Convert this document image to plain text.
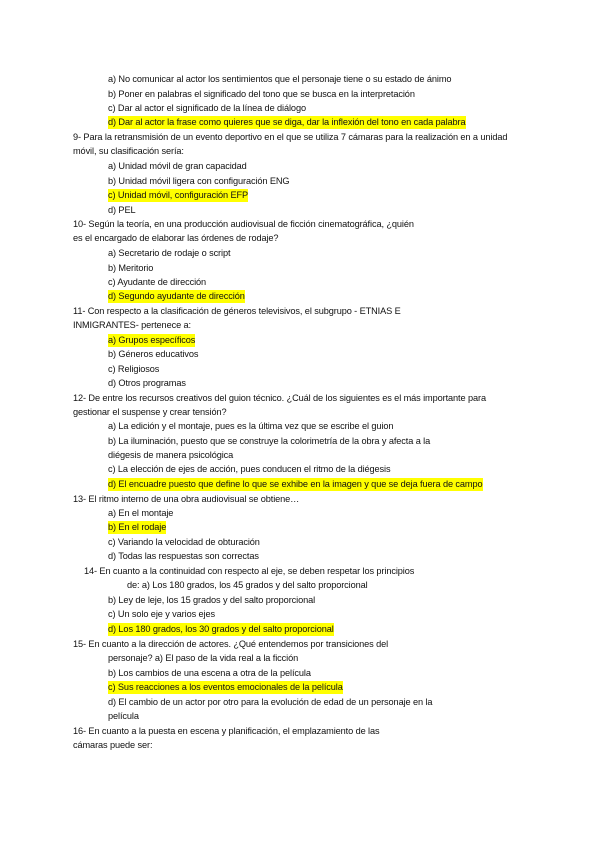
a) No comunicar al actor los sentimientos que el personaje tiene o su estado de ánimo
b) Poner en palabras el significado del tono que se busca en la interpretación
c) Dar al actor el significado de la línea de diálogo
d) Dar al actor la frase como quieres que se diga, dar la inflexión del tono en cada palabra
9- Para la retransmisión de un evento deportivo en el que se utiliza 7 cámaras para la realización en a unidad
móvil, su clasificación sería:
a) Unidad móvil de gran capacidad
b) Unidad móvil ligera con configuración ENG
c) Unidad móvil, configuración EFP
d) PEL
10- Según la teoría, en una producción audiovisual de ficción cinematográfica, ¿quién
es el encargado de elaborar las órdenes de rodaje?
a) Secretario de rodaje o script
b) Meritorio
c) Ayudante de dirección
d) Segundo ayudante de dirección
11- Con respecto a la clasificación de géneros televisivos, el subgrupo - ETNIAS E
INMIGRANTES- pertenece a:
a) Grupos específicos
b) Géneros educativos
c) Religiosos
d) Otros programas
12- De entre los recursos creativos del guion técnico. ¿Cuál de los siguientes es el más importante para
gestionar el suspense y crear tensión?
a) La edición y el montaje, pues es la última vez que se escribe el guion
b) La iluminación, puesto que se construye la colorimetría de la obra y afecta a la
diégesis de manera psicológica
c) La elección de ejes de acción, pues conducen el ritmo de la diégesis
d) El encuadre puesto que define lo que se exhibe en la imagen y que se deja fuera de campo
13- El ritmo interno de una obra audiovisual se obtiene…
a) En el montaje
b) En el rodaje
c) Variando la velocidad de obturación
d) Todas las respuestas son correctas
14- En cuanto a la continuidad con respecto al eje, se deben respetar los principios
de: a) Los 180 grados, los 45 grados y del salto proporcional
b) Ley de leje, los 15 grados y del salto proporcional
c) Un solo eje y varios ejes
d) Los 180 grados, los 30 grados y del salto proporcional
15- En cuanto a la dirección de actores. ¿Qué entendemos por transiciones del
personaje? a) El paso de la vida real a la ficción
b) Los cambios de una escena a otra de la película
c) Sus reacciones a los eventos emocionales de la película
d) El cambio de un actor por otro para la evolución de edad de un personaje en la
película
16- En cuanto a la puesta en escena y planificación, el emplazamiento de las
cámaras puede ser:
